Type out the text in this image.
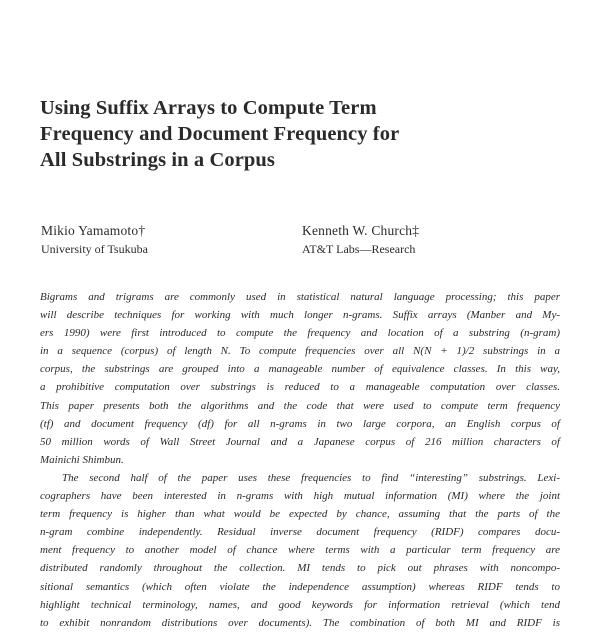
Using Suffix Arrays to Compute Term
Frequency and Document Frequency for
All Substrings in a Corpus
Mikio Yamamoto†
University of Tsukuba
Kenneth W. Church‡
AT&T Labs—Research
Bigrams and trigrams are commonly used in statistical natural language processing; this paper
will describe techniques for working with much longer n-grams. Suffix arrays (Manber and My-
ers 1990) were first introduced to compute the frequency and location of a substring (n-gram)
in a sequence (corpus) of length N. To compute frequencies over all N(N + 1)/2 substrings in a
corpus, the substrings are grouped into a manageable number of equivalence classes. In this way,
a prohibitive computation over substrings is reduced to a manageable computation over classes.
This paper presents both the algorithms and the code that were used to compute term frequency
(tf) and document frequency (df) for all n-grams in two large corpora, an English corpus of
50 million words of Wall Street Journal and a Japanese corpus of 216 million characters of
Mainichi Shimbun.
The second half of the paper uses these frequencies to find “interesting” substrings. Lexi-
cographers have been interested in n-grams with high mutual information (MI) where the joint
term frequency is higher than what would be expected by chance, assuming that the parts of the
n-gram combine independently. Residual inverse document frequency (RIDF) compares docu-
ment frequency to another model of chance where terms with a particular term frequency are
distributed randomly throughout the collection. MI tends to pick out phrases with noncompo-
sitional semantics (which often violate the independence assumption) whereas RIDF tends to
highlight technical terminology, names, and good keywords for information retrieval (which tend
to exhibit nonrandom distributions over documents). The combination of both MI and RIDF is
